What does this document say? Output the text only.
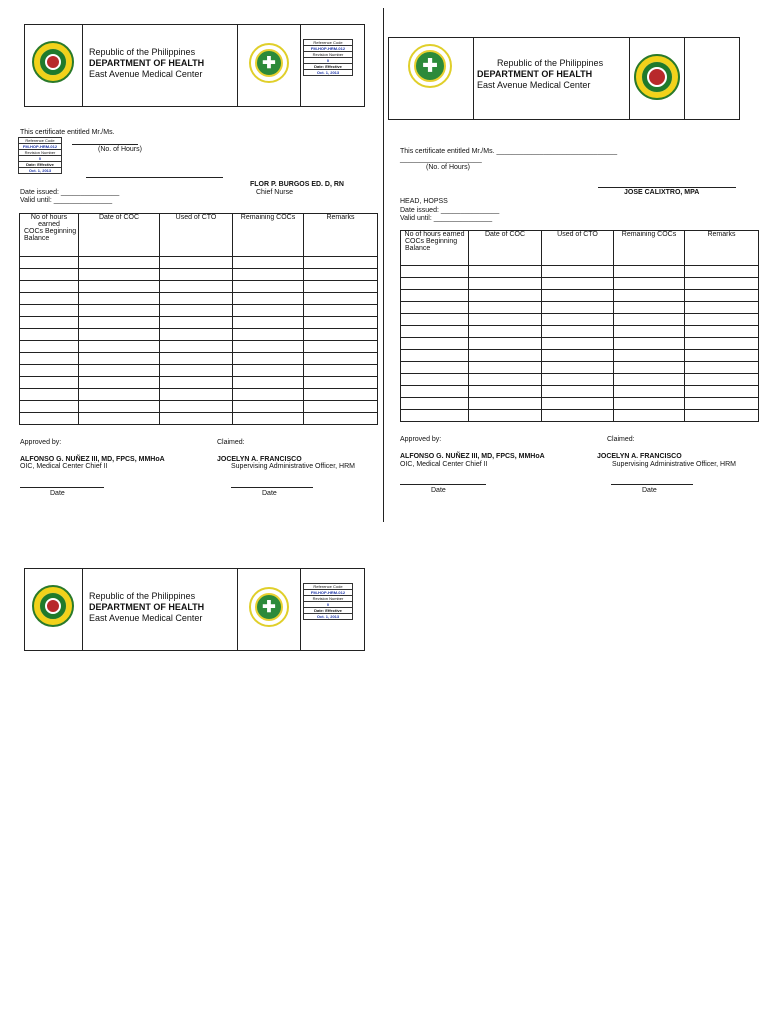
Republic of the Philippines
DEPARTMENT OF HEALTH
East Avenue Medical Center
✚
Reference Code
FM-HOP-HRM-012
Revision Number
0
Date: Effective
Oct. 1, 2013	✚	Republic of the Philippines
DEPARTMENT OF HEALTH
East Avenue Medical Center
This certificate entitled Mr./Ms.
Reference Code
FM-HOP-HRM-012
Revision Number
0
Date: Effective
Oct. 1, 2013
(No. of Hours)
FLOR P. BURGOS ED. D, RN
Chief Nurse
Date issued: _______________
Valid until: _______________
No of hours earned
COCs Beginning Balance	Date of COC	Used of CTO	Remaining COCs	Remarks

Approved by:	Claimed:
ALFONSO G. NUÑEZ III, MD, FPCS, MMHoA
OIC, Medical Center Chief II
JOCELYN A. FRANCISCO
Supervising Administrative Officer, HRM
Date	Date
This certificate entitled Mr./Ms. _______________________________
_____________________
(No. of Hours)
JOSE CALIXTRO, MPA
HEAD, HOPSS
Date issued: _______________
Valid until: _______________
No of hours earned
COCs Beginning Balance	Date of COC	Used of CTO	Remaining COCs	Remarks

Approved by:	Claimed:
ALFONSO G. NUÑEZ III, MD, FPCS, MMHoA
OIC, Medical Center Chief II
JOCELYN A. FRANCISCO
Supervising Administrative Officer, HRM
Date	Date
Republic of the Philippines
DEPARTMENT OF HEALTH
East Avenue Medical Center
✚
Reference Code
FM-HOP-HRM-012
Revision Number
0
Date: Effective
Oct. 1, 2013
